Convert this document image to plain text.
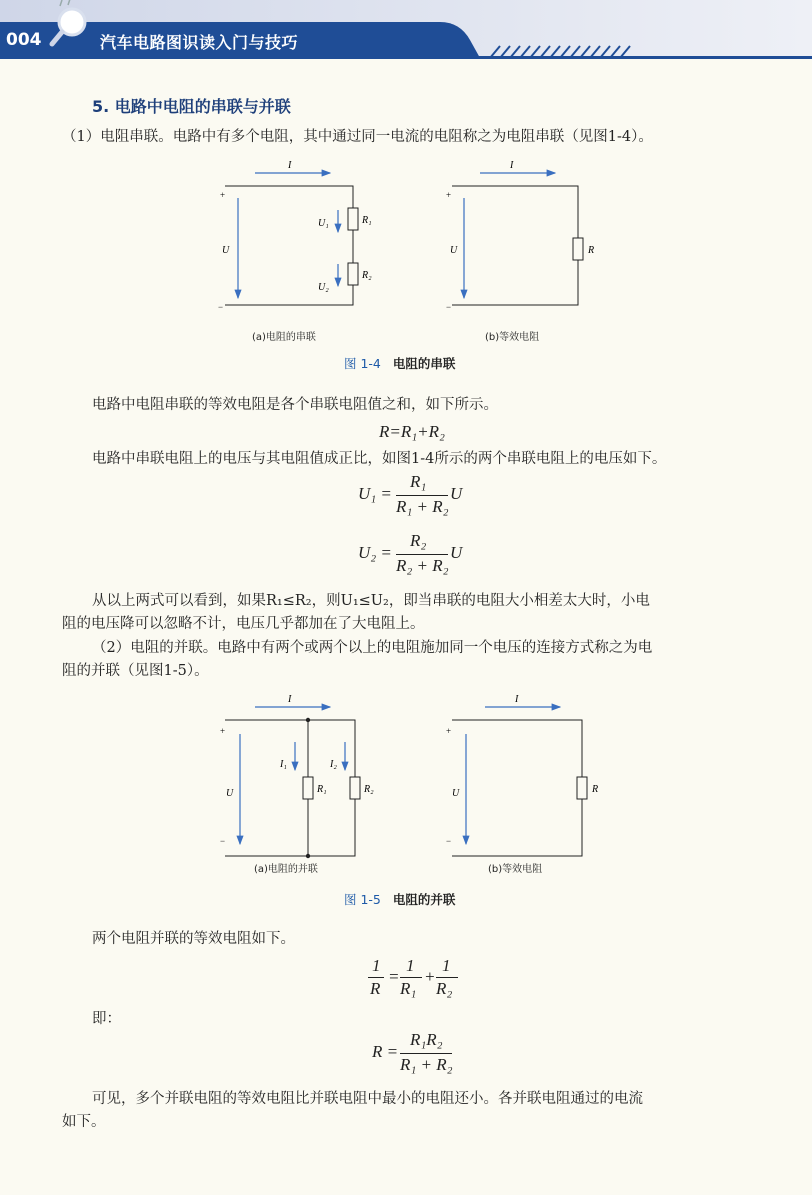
004	汽车电路图识读入门与技巧
5. 电路中电阻的串联与并联
（1）电阻串联。电路中有多个电阻，其中通过同一电流的电阻称之为电阻串联（见图1-4）。
I
+
−
U
U₁
U₂
R₁
R₂
(a)电阻的串联
I
+
−
U	R
(b)等效电阻
图 1-4 电阻的串联
电路中电阻串联的等效电阻是各个串联电阻值之和，如下所示。
R=R₁+R₂
电路中串联电阻上的电压与其电阻值成正比，如图1-4所示的两个串联电阻上的电压如下。
U₁ =
R₁
R₁ + R₂
U
U₂ =
R₂
R₂ + R₂
U
从以上两式可以看到，如果R₁≤R₂，则U₁≤U₂，即当串联的电阻大小相差太大时，小电
阻的电压降可以忽略不计，电压几乎都加在了大电阻上。
（2）电阻的并联。电路中有两个或两个以上的电阻施加同一个电压的连接方式称之为电
阻的并联（见图1-5）。
I
+
−
U
I₁	I₂
R₁	R₂
(a)电阻的并联
I
+
−
U	R
(b)等效电阻
图 1-5 电阻的并联
两个电阻并联的等效电阻如下。
1
R
=
1
R₁
+
1
R₂
即：
R =
R₁R₂
R₁ + R₂
可见，多个并联电阻的等效电阻比并联电阻中最小的电阻还小。各并联电阻通过的电流
如下。
